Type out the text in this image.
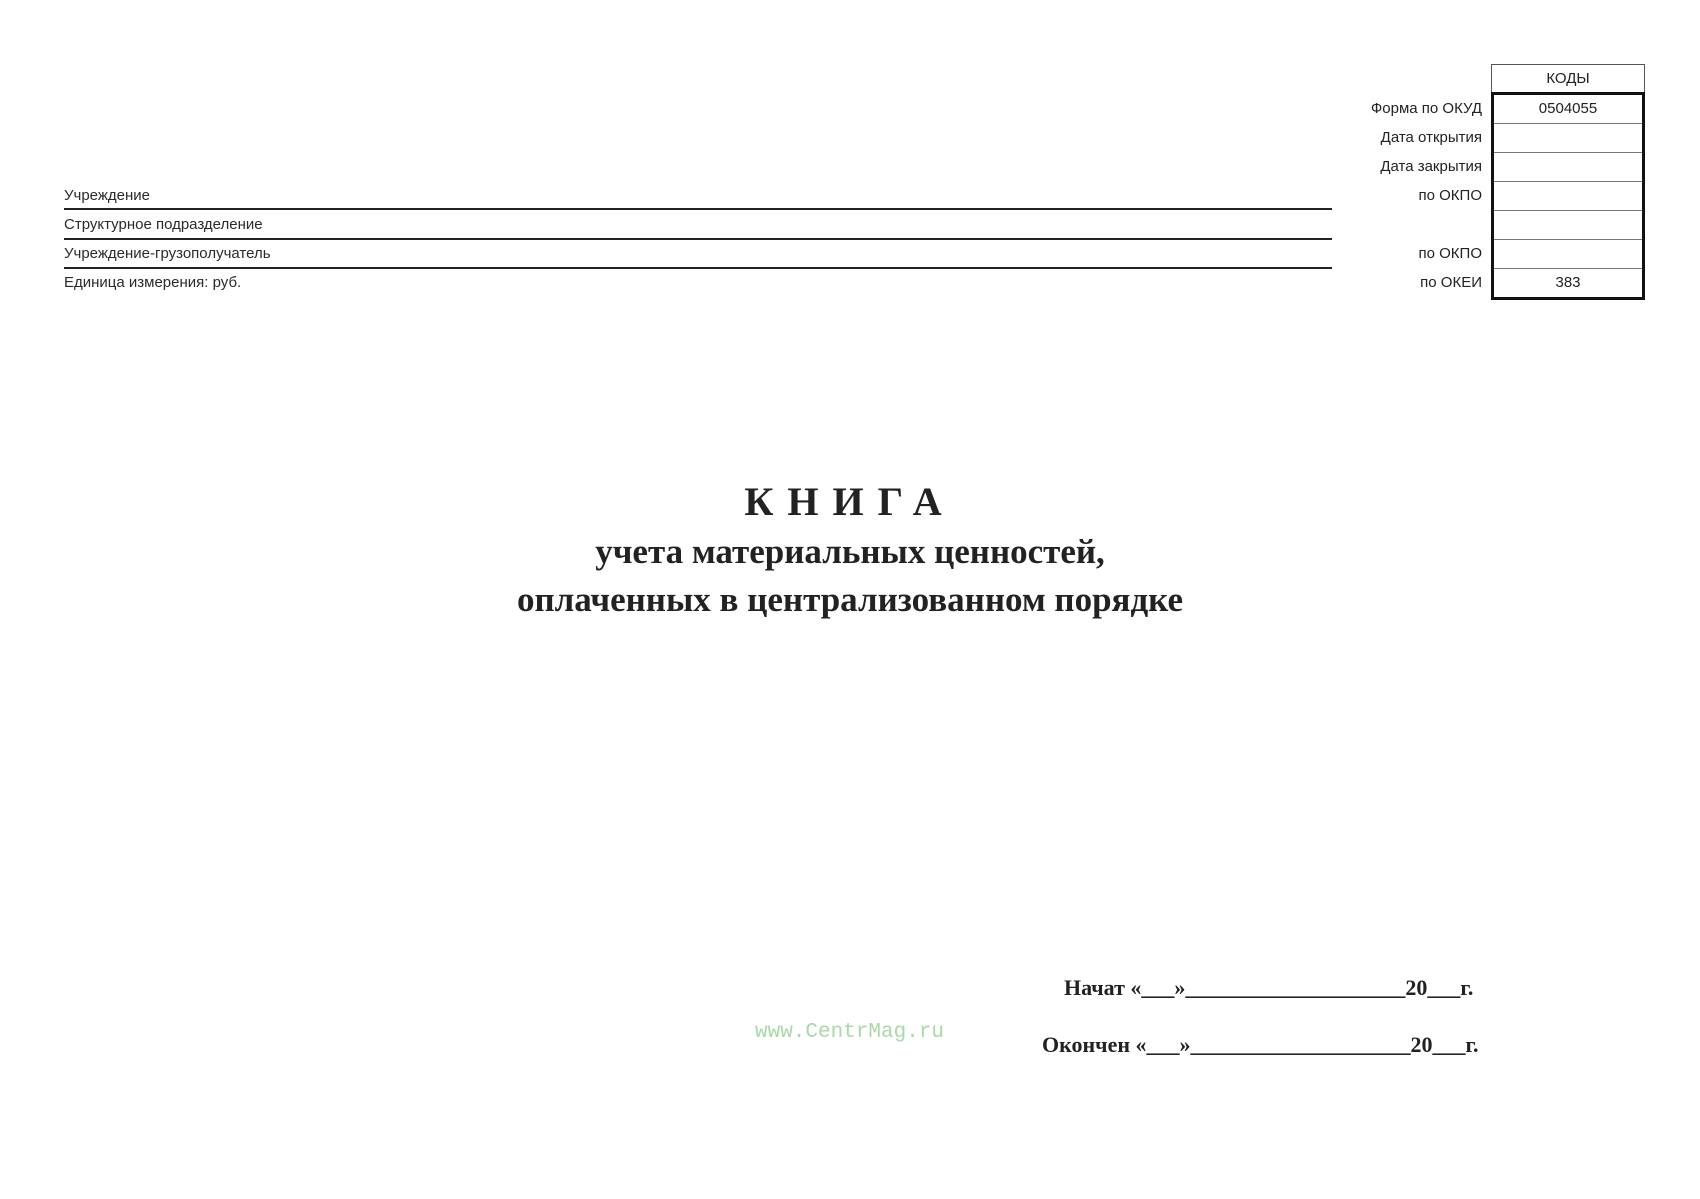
Учреждение
Структурное подразделение
Учреждение-грузополучатель
Единица измерения: руб.
Форма по ОКУД
Дата открытия
Дата закрытия
по ОКПО
по ОКПО
по ОКЕИ
КОДЫ
0504055
383
КНИГА
учета материальных ценностей,
оплаченных в централизованном порядке
Начат «___»____________________20___г.
Окончен «___»____________________20___г.
www.CentrMag.ru
